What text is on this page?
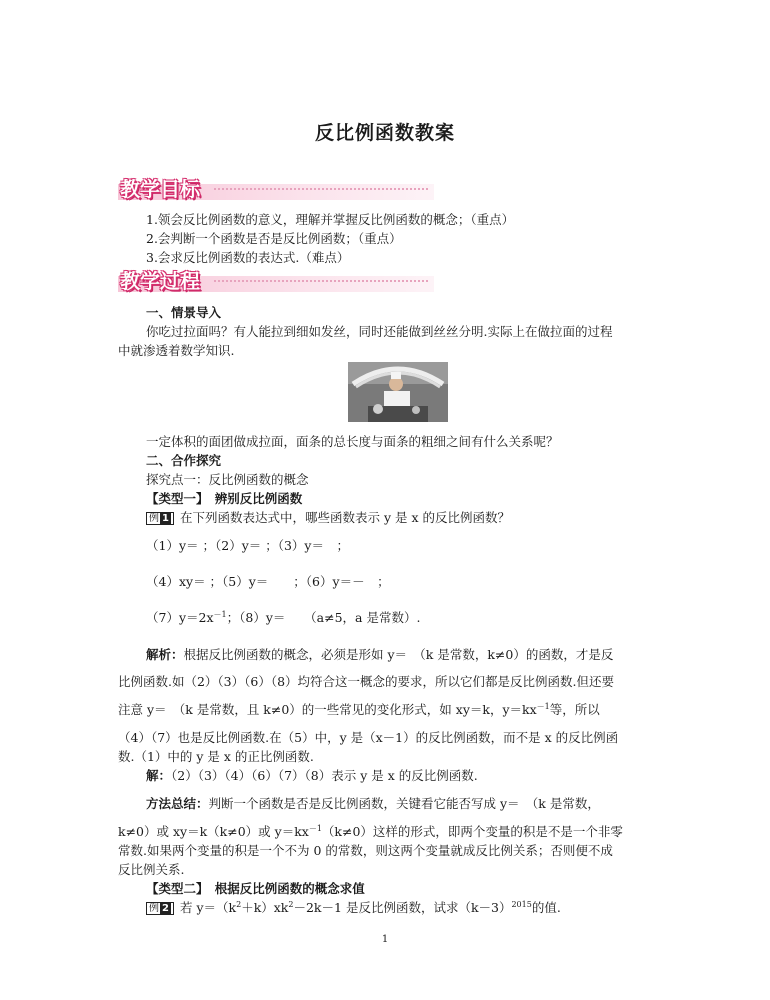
反比例函数教案
教学目标
1.领会反比例函数的意义，理解并掌握反比例函数的概念；（重点）
2.会判断一个函数是否是反比例函数；（重点）
3.会求反比例函数的表达式.（难点）
教学过程
一、情景导入
你吃过拉面吗？有人能拉到细如发丝，同时还能做到丝丝分明.实际上在做拉面的过程
中就渗透着数学知识.
一定体积的面团做成拉面，面条的总长度与面条的粗细之间有什么关系呢？
二、合作探究
探究点一：反比例函数的概念
【类型一】　辨别反比例函数
例 1 在下列函数表达式中，哪些函数表示 y 是 x 的反比例函数？
（1）y＝ ；（2）y＝ ；（3）y＝　；
（4）xy＝ ；（5）y＝　　；（6）y＝－　；
$(7)y=2x^{-1}$；（8）y＝　　（a≠5，a 是常数）.
解析：根据反比例函数的概念，必须是形如 y＝　（k 是常数，k≠0）的函数，才是反
比例函数.如（2）（3）（6）（8）均符合这一概念的要求，所以它们都是反比例函数.但还要
注意 y＝　（k 是常数，且 k≠0）的一些常见的变化形式，如 xy＝k，$y=kx^{-1}$等，所以
（4）（7）也是反比例函数.在（5）中，y 是（x－1）的反比例函数，而不是 x 的反比例函
数.（1）中的 y 是 x 的正比例函数.
解：（2）（3）（4）（6）（7）（8）表示 y 是 x 的反比例函数.
方法总结：判断一个函数是否是反比例函数，关键看它能否写成 y＝　（k 是常数，
k≠0）或 xy＝k（k≠0）或 $y=kx^{-1}(k\ne 0)$这样的形式，即两个变量的积是不是一个非零
常数.如果两个变量的积是一个不为 0 的常数，则这两个变量就成反比例关系；否则便不成
反比例关系.
【类型二】　根据反比例函数的概念求值
例 2 若 $y=(k^2+k)xk^2-2k-1$ 是反比例函数，试求$(k-3)^{2015}$的值.
1
